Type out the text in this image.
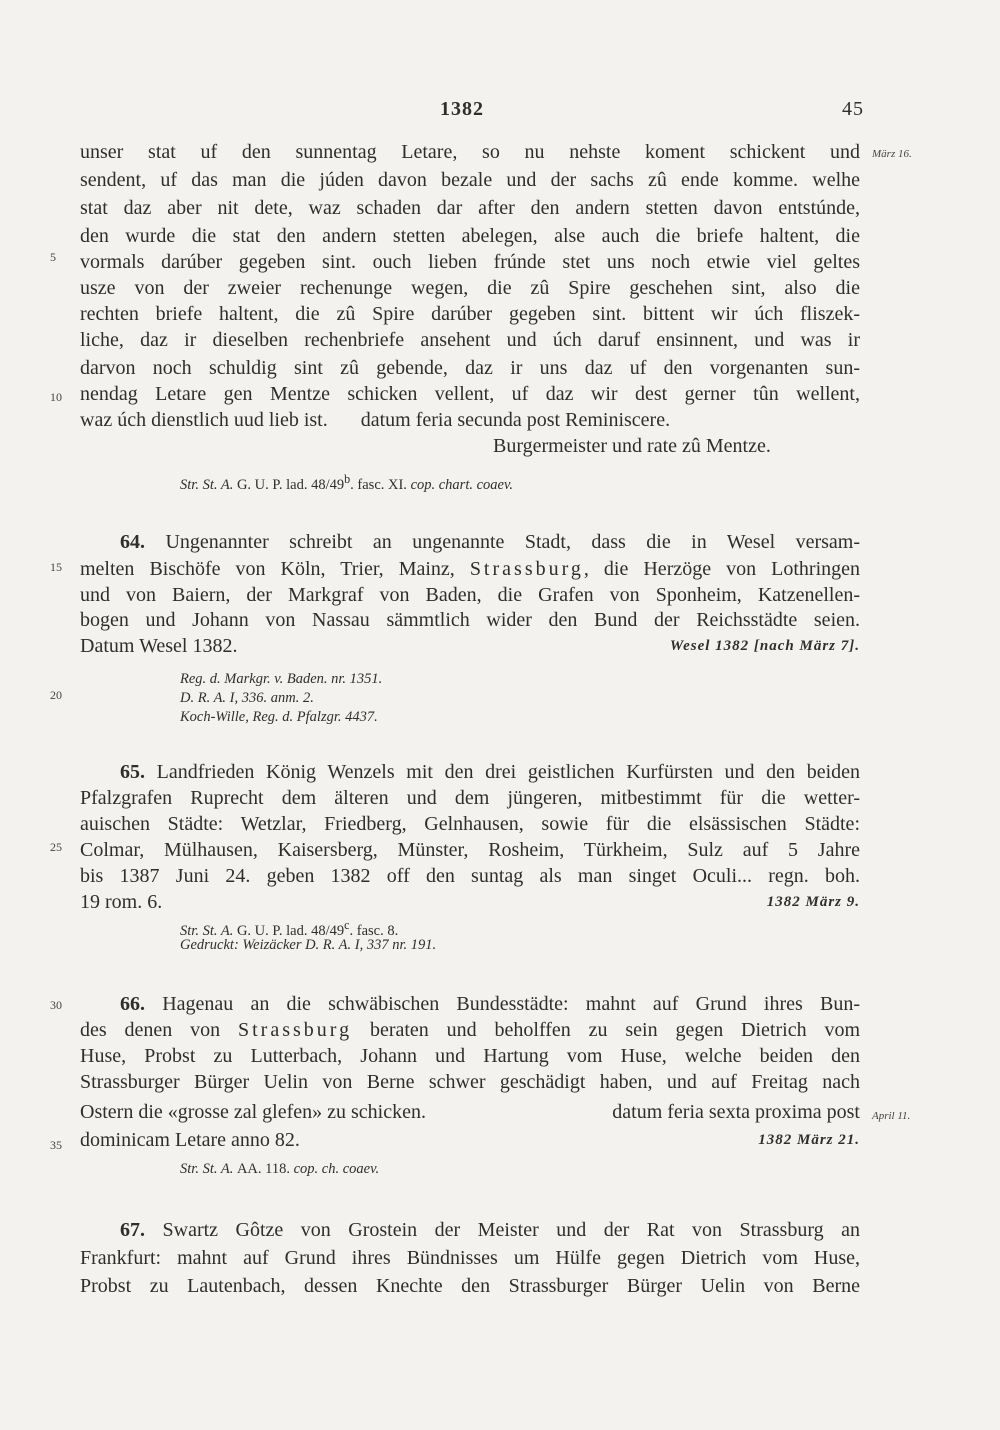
1382	45
März 16.
April 11.
5
10
15
20
25
30
35
unser stat uf den sunnentag Letare, so nu nehste koment schickent und
sendent, uf das man die júden davon bezale und der sachs zû ende komme. welhe
stat daz aber nit dete, waz schaden dar after den andern stetten davon entstúnde,
den wurde die stat den andern stetten abelegen, alse auch die briefe haltent, die
vormals darúber gegeben sint. ouch lieben frúnde stet uns noch etwie viel geltes
usze von der zweier rechenunge wegen, die zû Spire geschehen sint, also die
rechten briefe haltent, die zû Spire darúber gegeben sint. bittent wir úch fliszek-
liche, daz ir dieselben rechenbriefe ansehent und úch daruf ensinnent, und was ir
darvon noch schuldig sint zû gebende, daz ir uns daz uf den vorgenanten sun-
nendag Letare gen Mentze schicken vellent, uf daz wir dest gerner tûn wellent,
waz úch dienstlich uud lieb ist. datum feria secunda post Reminiscere.
Burgermeister und rate zû Mentze.
Str. St. A. G. U. P. lad. 48/49$^b$. fasc. XI. cop. chart. coaev.
64. Ungenannter schreibt an ungenannte Stadt, dass die in Wesel versam-
melten Bischöfe von Köln, Trier, Mainz, Strassburg, die Herzöge von Lothringen
und von Baiern, der Markgraf von Baden, die Grafen von Sponheim, Katzenellen-
bogen und Johann von Nassau sämmtlich wider den Bund der Reichsstädte seien.
Datum Wesel 1382.	Wesel 1382 [nach März 7].
Reg. d. Markgr. v. Baden. nr. 1351.
D. R. A. I, 336. anm. 2.
Koch-Wille, Reg. d. Pfalzgr. 4437.
65. Landfrieden König Wenzels mit den drei geistlichen Kurfürsten und den beiden
Pfalzgrafen Ruprecht dem älteren und dem jüngeren, mitbestimmt für die wetter-
auischen Städte: Wetzlar, Friedberg, Gelnhausen, sowie für die elsässischen Städte:
Colmar, Mülhausen, Kaisersberg, Münster, Rosheim, Türkheim, Sulz auf 5 Jahre
bis 1387 Juni 24. geben 1382 off den suntag als man singet Oculi... regn. boh.
19 rom. 6.	1382 März 9.
Str. St. A. G. U. P. lad. 48/49$^c$. fasc. 8.
Gedruckt: Weizäcker D. R. A. I, 337 nr. 191.
66. Hagenau an die schwäbischen Bundesstädte: mahnt auf Grund ihres Bun-
des denen von Strassburg beraten und beholffen zu sein gegen Dietrich vom
Huse, Probst zu Lutterbach, Johann und Hartung vom Huse, welche beiden den
Strassburger Bürger Uelin von Berne schwer geschädigt haben, und auf Freitag nach
Ostern die «grosse zal glefen» zu schicken.	datum feria sexta proxima post
dominicam Letare anno 82.	1382 März 21.
Str. St. A. AA. 118. cop. ch. coaev.
67. Swartz Gôtze von Grostein der Meister und der Rat von Strassburg an
Frankfurt: mahnt auf Grund ihres Bündnisses um Hülfe gegen Dietrich vom Huse,
Probst zu Lautenbach, dessen Knechte den Strassburger Bürger Uelin von Berne
